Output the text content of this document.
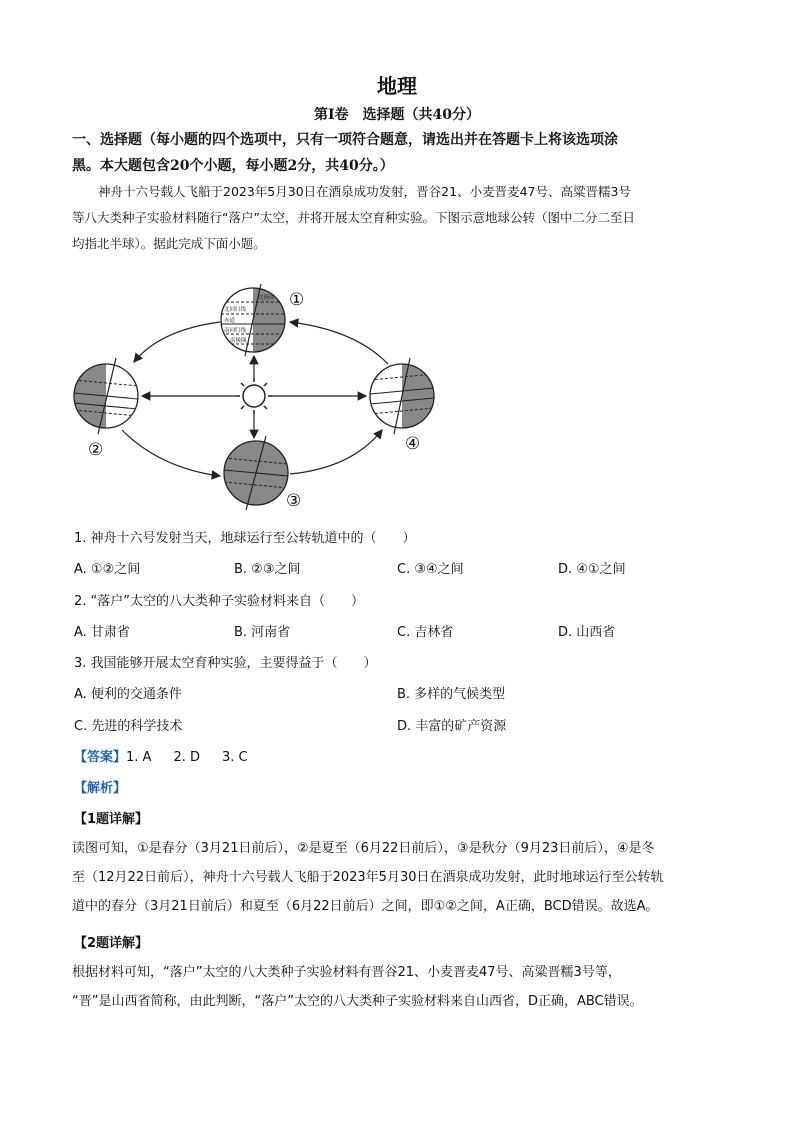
地理
第Ⅰ卷　选择题（共40分）
一、选择题（每小题的四个选项中，只有一项符合题意，请选出并在答题卡上将该选项涂
黑。本大题包含20个小题，每小题2分，共40分。）
神舟十六号载人飞船于2023年5月30日在酒泉成功发射，晋谷21、小麦晋麦47号、高粱晋糯3号
等八大类种子实验材料随行“落户”太空，并将开展太空育种实验。下图示意地球公转（图中二分二至日
均指北半球）。据此完成下面小题。
北极圈
北回归线
赤道
南回归线
南极圈
①
②
③
④
1. 神舟十六号发射当天，地球运行至公转轨道中的（　　）
A. ①②之间	B. ②③之间	C. ③④之间	D. ④①之间
2. “落户”太空的八大类种子实验材料来自（　　）
A. 甘肃省	B. 河南省	C. 吉林省	D. 山西省
3. 我国能够开展太空育种实验，主要得益于（　　）
A. 便利的交通条件	B. 多样的气候类型
C. 先进的科学技术	D. 丰富的矿产资源
【答案】1. A 2. D 3. C
【解析】
【1题详解】
读图可知，①是春分（3月21日前后），②是夏至（6月22日前后），③是秋分（9月23日前后），④是冬
至（12月22日前后），神舟十六号载人飞船于2023年5月30日在酒泉成功发射，此时地球运行至公转轨
道中的春分（3月21日前后）和夏至（6月22日前后）之间，即①②之间，A正确，BCD错误。故选A。
【2题详解】
根据材料可知，“落户”太空的八大类种子实验材料有晋谷21、小麦晋麦47号、高粱晋糯3号等，
“晋”是山西省简称，由此判断，“落户”太空的八大类种子实验材料来自山西省，D正确，ABC错误。
